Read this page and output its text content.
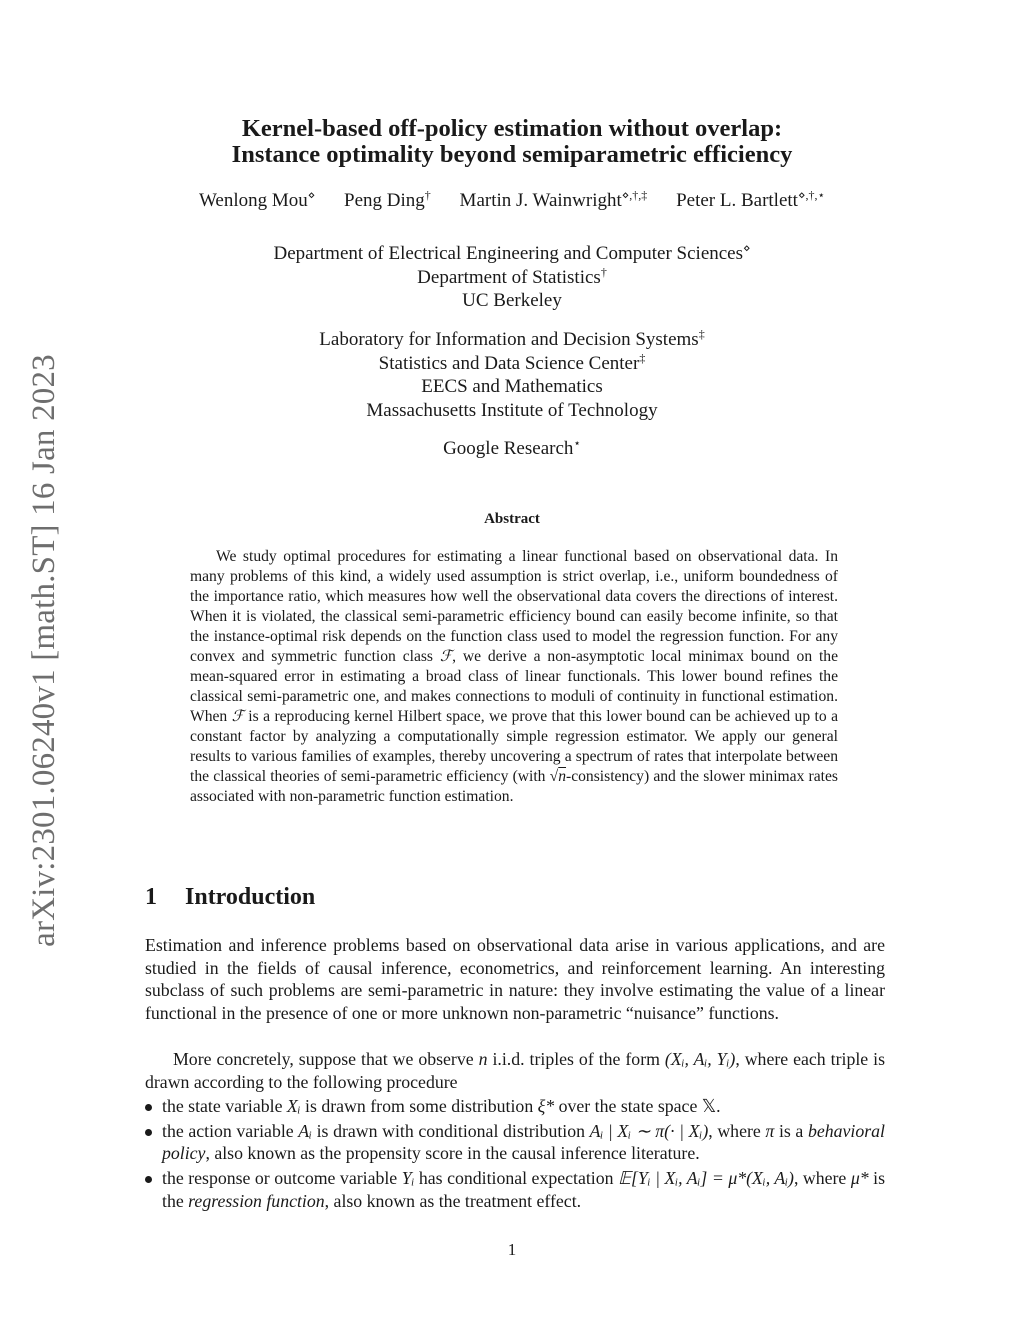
arXiv:2301.06240v1 [math.ST] 16 Jan 2023
Kernel-based off-policy estimation without overlap:
Instance optimality beyond semiparametric efficiency
Wenlong Mou⋄ Peng Ding† Martin J. Wainwright⋄,†,‡ Peter L. Bartlett⋄,†,⋆
Department of Electrical Engineering and Computer Sciences⋄
Department of Statistics†
UC Berkeley
Laboratory for Information and Decision Systems‡
Statistics and Data Science Center‡
EECS and Mathematics
Massachusetts Institute of Technology
Google Research⋆
Abstract
We study optimal procedures for estimating a linear functional based on observational data. In many problems of this kind, a widely used assumption is strict overlap, i.e., uniform boundedness of the importance ratio, which measures how well the observational data covers the directions of interest. When it is violated, the classical semi-parametric efficiency bound can easily become infinite, so that the instance-optimal risk depends on the function class used to model the regression function. For any convex and symmetric function class ℱ, we derive a non-asymptotic local minimax bound on the mean-squared error in estimating a broad class of linear functionals. This lower bound refines the classical semi-parametric one, and makes connections to moduli of continuity in functional estimation. When ℱ is a reproducing kernel Hilbert space, we prove that this lower bound can be achieved up to a constant factor by analyzing a computationally simple regression estimator. We apply our general results to various families of examples, thereby uncovering a spectrum of rates that interpolate between the classical theories of semi-parametric efficiency (with √n-consistency) and the slower minimax rates associated with non-parametric function estimation.
1 Introduction
Estimation and inference problems based on observational data arise in various applications, and are studied in the fields of causal inference, econometrics, and reinforcement learning. An interesting subclass of such problems are semi-parametric in nature: they involve estimating the value of a linear functional in the presence of one or more unknown non-parametric “nuisance” functions.
More concretely, suppose that we observe n i.i.d. triples of the form (Xᵢ, Aᵢ, Yᵢ), where each triple is drawn according to the following procedure
the state variable Xᵢ is drawn from some distribution ξ* over the state space 𝕏.
the action variable Aᵢ is drawn with conditional distribution Aᵢ | Xᵢ ∼ π(· | Xᵢ), where π is a behavioral policy, also known as the propensity score in the causal inference literature.
the response or outcome variable Yᵢ has conditional expectation 𝔼[Yᵢ | Xᵢ, Aᵢ] = μ*(Xᵢ, Aᵢ), where μ* is the regression function, also known as the treatment effect.
1
